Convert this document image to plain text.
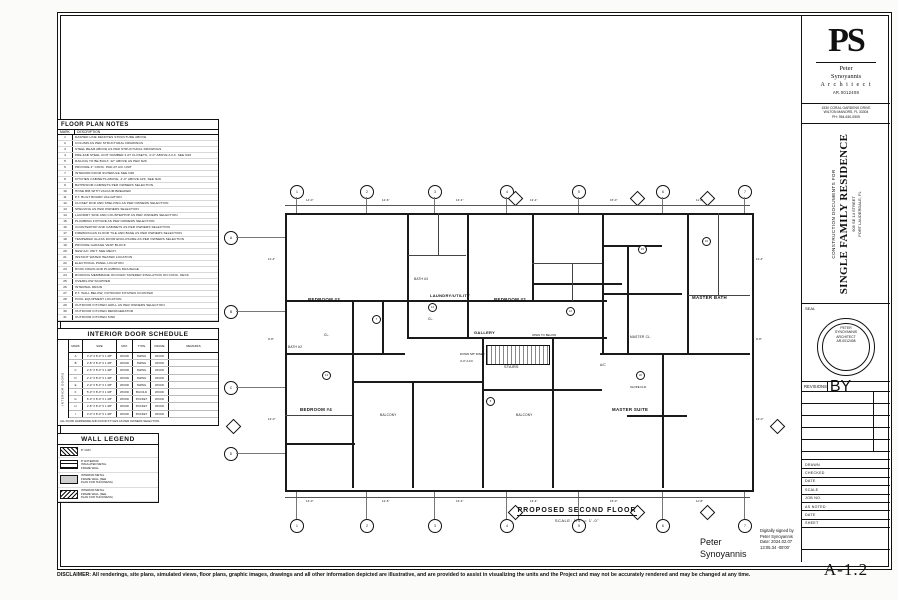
PS
Peter
Synoyannis
A r c h i t e c t
AR.0012408
1530 CORAL GARDENS DRIVE
WILTON MANORS, FL 33304
PH: 954-630-0505
CONSTRUCTION DOCUMENTS FOR SINGLE FAMILY RESIDENCE 905 SE 14 STREET FORT LAUDERDALE, FL
SEAL
PETER
SYNOYANNIS
ARCHITECT
AR-0012408
REVISIONS BY
DRAWN
CHECKED
DATE
SCALE
JOB NO.
AS NOTED
DATE
SHEET
A-1.2
FLOOR PLAN NOTES
MARK	DESCRIPTION
1	DASHED LINE DENOTES STRUCTURE ABOVE
2	COLUMN AS PER STRUCTURAL DRAWINGS
3	STEEL BEAM ABOVE AS PER STRUCTURAL DRAWINGS
4	PRE-FAB STEEL UNIT NUMBER 4 AT CLOSETS, 4'-0" ABOVE A.F.F. SEE N26
5	RAILING TO BE BUILT, 42" ABOVE AS PER N26
6	PROVIDE 4" CONC. PAD AT A/C UNIT
7	INTERIOR DOOR SCHEDULE SEE N26
8	KITCHEN CABINETS ABOVE, 4'-0" ABOVE AFF, SEE N26
9	BATHROOM CABINETS PER OWNERS SELECTION
10	HOSE BIB WITH VACUUM BREAKER
11	P.T. BUILT BOARD VALUATION
12	CLOSET ROD AND SHELVING AS PER OWNERS SELECTION
13	SHELVING AS PER OWNERS SELECTION
14	LAUNDRY SINK AND COUNTERTOP AS PER OWNERS SELECTION
15	PLUMBING FIXTURE AS PER OWNERS SELECTION
16	COUNTERTOP AND CABINETS AS PER OWNERS SELECTION
17	FIREBOX/GAS FLOOR TILE AND BASE AS PER OWNERS SELECTION
18	TEMPERED GLASS DOOR ENCLOSURE AS PER OWNERS SELECTION
19	PROVIDE GARAGE VENT BLOCK
20	NEW A/C UNIT, SEE MECH.
21	INSTANT WATER HEATER LOCATION
22	ELECTRICAL PANEL LOCATION
23	ROOF DRAIN AND PLUMBING DRAINAGE
24	ROOFING MEMBRANE ON RIGID TAPERED INSULATION ON CONC. DECK
25	OVERFLOW SCUPPER
26	INTERNAL DRAIN
27	P.T. WALL BELOW, OUTDOOR KITCHEN COUNTER
28	POOL EQUIPMENT LOCATION
29	OUTDOOR KITCHEN GRILL AS PER OWNERS SELECTION
30	OUTDOOR KITCHEN REFRIGERATOR
31	OUTDOOR KITCHEN SINK
INTERIOR DOOR SCHEDULE
INTERIOR DOORS
MARK	SIZE	MAT.	TYPE	FRAME	REMARKS
A	3'-0" X 8'-0" X 1 3/8"	WOOD	SWING	WOOD
B	2'-8" X 8'-0" X 1 3/8"	WOOD	SWING	WOOD
C	2'-6" X 8'-0" X 1 3/8"	WOOD	SWING	WOOD
D	2'-4" X 8'-0" X 1 3/8"	WOOD	SWING	WOOD
E	2'-0" X 8'-0" X 1 3/8"	WOOD	SWING	WOOD
F	5'-0" X 8'-0" X 1 3/8"	WOOD	BI-FOLD	WOOD
G	6'-0" X 8'-0" X 1 3/8"	WOOD	POCKET	WOOD
H	2'-8" X 8'-0" X 1 3/8"	WOOD	POCKET	WOOD
I	3'-0" X 8'-0" X 1 3/8"	WOOD	POCKET	WOOD
ALL DOOR HARDWARE AND DOOR STYLES AS PER OWNERS SELECTION.
WALL LEGEND
8" CMU
8" EXTERIOR
INSULATED METAL
FRAME WALL
INTERIOR METAL
FRAME WALL (SEE
PLAN FOR THICKNESS)
INTERIOR METAL
FRAME WALL (SEE
PLAN FOR THICKNESS)
1	2	3	4	5	6	7
1	2	3	4	5	6	7
A
B
C
D
BEDROOM #3	BEDROOM #2
BEDROOM #4	MASTER SUITE
MASTER BATH
BATH #3
BATH #2
LAUNDRY/UTILITY
GALLERY
STAIRS
BALCONY	BALCONY
MASTER CL.
CL.
A/C
CL.
DOWN 5/8" RISER
4'-0" A.F.F.
SLOPE FLR.
OPEN TO BELOW
14'-0"	12'-6"	13'-4"	13'-4"	15'-0"	11'-8"
14'-0"	12'-6"	13'-4"	13'-4"	15'-0"	11'-8"
11'-4"
9'-8"
12'-0"
11'-4"
9'-8"
12'-0"
7
14
12
15
16
13
5
20
PROPOSED SECOND FLOOR
SCALE: 1/4" = 1'-0"
Peter
Synoyannis
Digitally signed by
Peter Synoyannis
Date: 2024.02.07
13:05.34 -05'00'
DISCLAIMER: All renderings, site plans, simulated views, floor plans, graphic images, drawings and all other information depicted are illustrative, and are provided to assist in visualizing the units and the Project and may not be accurately rendered and may be changed at any time.
